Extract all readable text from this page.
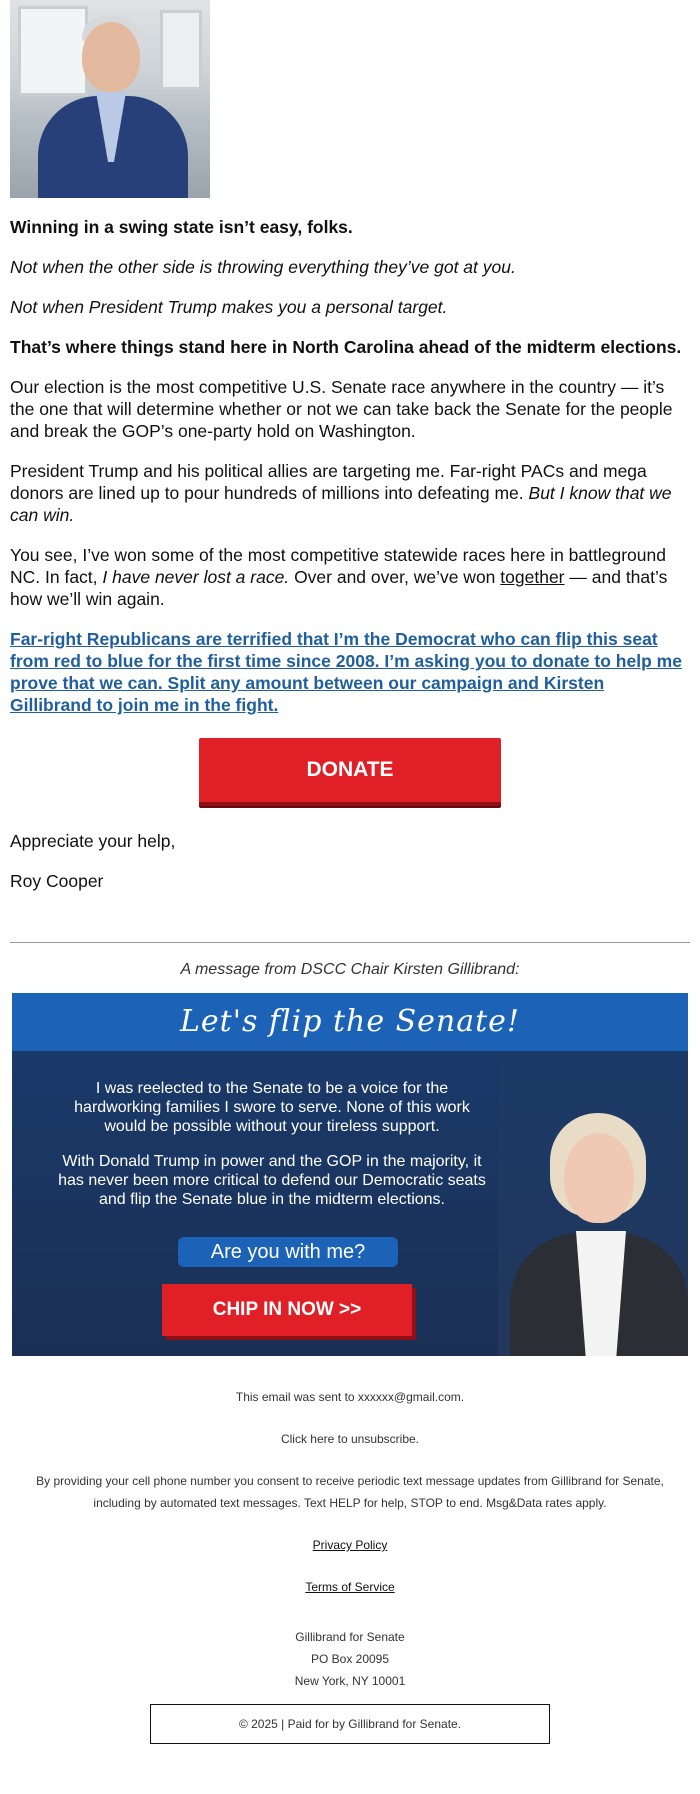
Winning in a swing state isn’t easy, folks.

Not when the other side is throwing everything they’ve got at you.

Not when President Trump makes you a personal target.

That’s where things stand here in North Carolina ahead of the midterm elections.

Our election is the most competitive U.S. Senate race anywhere in the country — it’s the one that will determine whether or not we can take back the Senate for the people and break the GOP’s one-party hold on Washington.

President Trump and his political allies are targeting me. Far-right PACs and mega donors are lined up to pour hundreds of millions into defeating me. But I know that we can win.

You see, I’ve won some of the most competitive statewide races here in battleground NC. In fact, I have never lost a race. Over and over, we’ve won together — and that’s how we’ll win again.

Far-right Republicans are terrified that I’m the Democrat who can flip this seat from red to blue for the first time since 2008. I’m asking you to donate to help me prove that we can. Split any amount between our campaign and Kirsten Gillibrand to join me in the fight.

DONATE

Appreciate your help,

Roy Cooper

A message from DSCC Chair Kirsten Gillibrand:
Let's flip the Senate!

I was reelected to the Senate to be a voice for the hardworking families I swore to serve. None of this work would be possible without your tireless support.

With Donald Trump in power and the GOP in the majority, it has never been more critical to defend our Democratic seats and flip the Senate blue in the midterm elections.

Are you with me?
CHIP IN NOW >>

This email was sent to xxxxxx@gmail.com.

Click here to unsubscribe.

By providing your cell phone number you consent to receive periodic text message updates from Gillibrand for Senate, including by automated text messages. Text HELP for help, STOP to end. Msg&Data rates apply.

Privacy Policy

Terms of Service

Gillibrand for Senate

PO Box 20095

New York, NY 10001

© 2025 | Paid for by Gillibrand for Senate.
